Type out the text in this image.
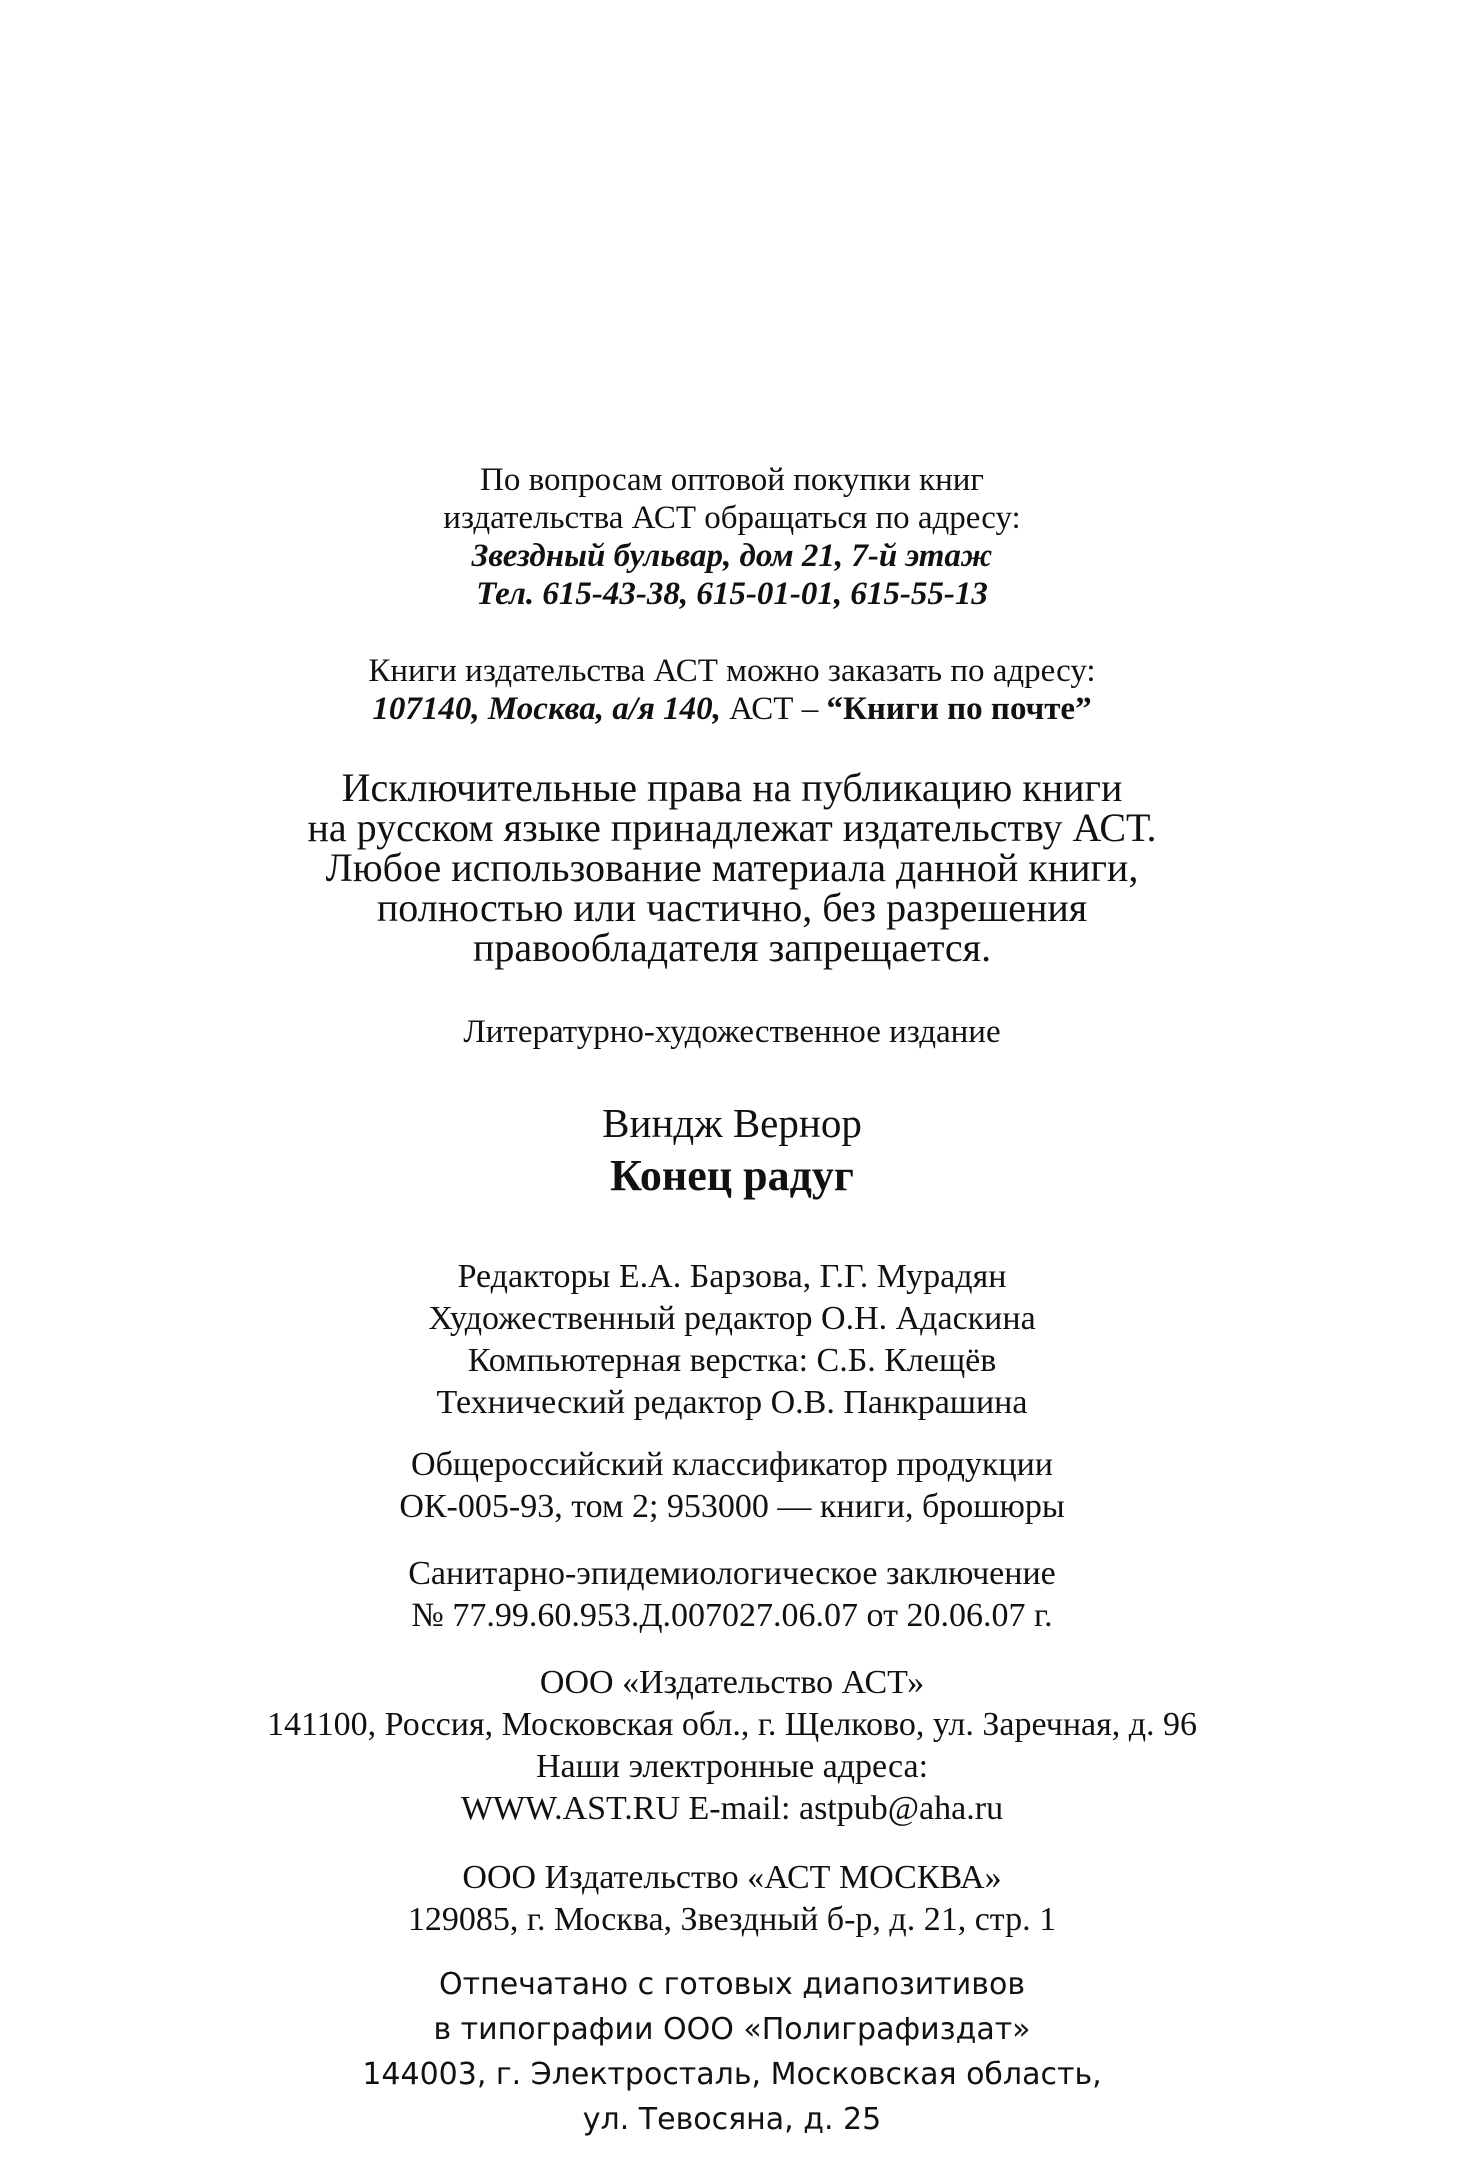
По вопросам оптовой покупки книг
издательства АСТ обращаться по адресу:
Звездный бульвар, дом 21, 7-й этаж
Тел. 615-43-38, 615-01-01, 615-55-13
Книги издательства АСТ можно заказать по адресу:
107140, Москва, а/я 140, АСТ – “Книги по почте”
Исключительные права на публикацию книги
на русском языке принадлежат издательству АСТ.
Любое использование материала данной книги,
полностью или частично, без разрешения
правообладателя запрещается.
Литературно-художественное издание
Виндж Вернор
Конец радуг
Редакторы Е.А. Барзова, Г.Г. Мурадян
Художественный редактор О.Н. Адаскина
Компьютерная верстка: С.Б. Клещёв
Технический редактор О.В. Панкрашина
Общероссийский классификатор продукции
ОК-005-93, том 2; 953000 — книги, брошюры
Санитарно-эпидемиологическое заключение
№ 77.99.60.953.Д.007027.06.07 от 20.06.07 г.
ООО «Издательство АСТ»
141100, Россия, Московская обл., г. Щелково, ул. Заречная, д. 96
Наши электронные адреса:
WWW.AST.RU E-mail: astpub@aha.ru
ООО Издательство «АСТ МОСКВА»
129085, г. Москва, Звездный б-р, д. 21, стр. 1
Отпечатано с готовых диапозитивов
в типографии ООО «Полиграфиздат»
144003, г. Электросталь, Московская область,
ул. Тевосяна, д. 25
